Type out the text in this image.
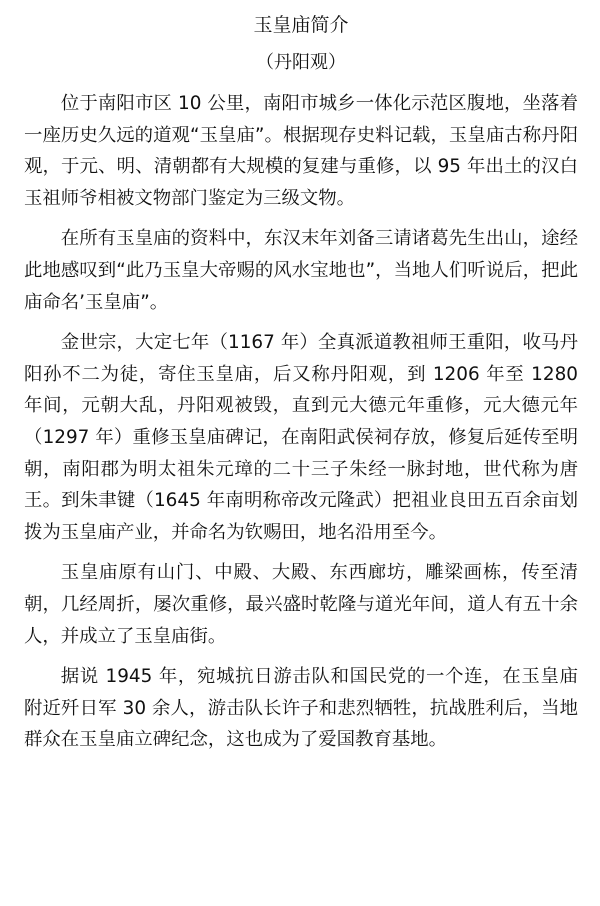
玉皇庙简介
（丹阳观）

位于南阳市区 10 公里，南阳市城乡一体化示范区腹地，坐落着一座历史久远的道观“玉皇庙”。根据现存史料记载，玉皇庙古称丹阳观，于元、明、清朝都有大规模的复建与重修，以 95 年出土的汉白玉祖师爷相被文物部门鉴定为三级文物。

在所有玉皇庙的资料中，东汉末年刘备三请诸葛先生出山，途经此地感叹到“此乃玉皇大帝赐的风水宝地也”，当地人们听说后，把此庙命名’玉皇庙”。

金世宗，大定七年（1167 年）全真派道教祖师王重阳，收马丹阳孙不二为徒，寄住玉皇庙，后又称丹阳观，到 1206 年至 1280 年间，元朝大乱，丹阳观被毁，直到元大德元年重修，元大德元年（1297 年）重修玉皇庙碑记，在南阳武侯祠存放，修复后延传至明朝，南阳郡为明太祖朱元璋的二十三子朱经一脉封地，世代称为唐王。到朱聿键（1645 年南明称帝改元隆武）把祖业良田五百余亩划拨为玉皇庙产业，并命名为钦赐田，地名沿用至今。

玉皇庙原有山门、中殿、大殿、东西廊坊，雕梁画栋，传至清朝，几经周折，屡次重修，最兴盛时乾隆与道光年间，道人有五十余人，并成立了玉皇庙街。

据说 1945 年，宛城抗日游击队和国民党的一个连，在玉皇庙附近歼日军 30 余人，游击队长许子和悲烈牺牲，抗战胜利后，当地群众在玉皇庙立碑纪念，这也成为了爱国教育基地。
